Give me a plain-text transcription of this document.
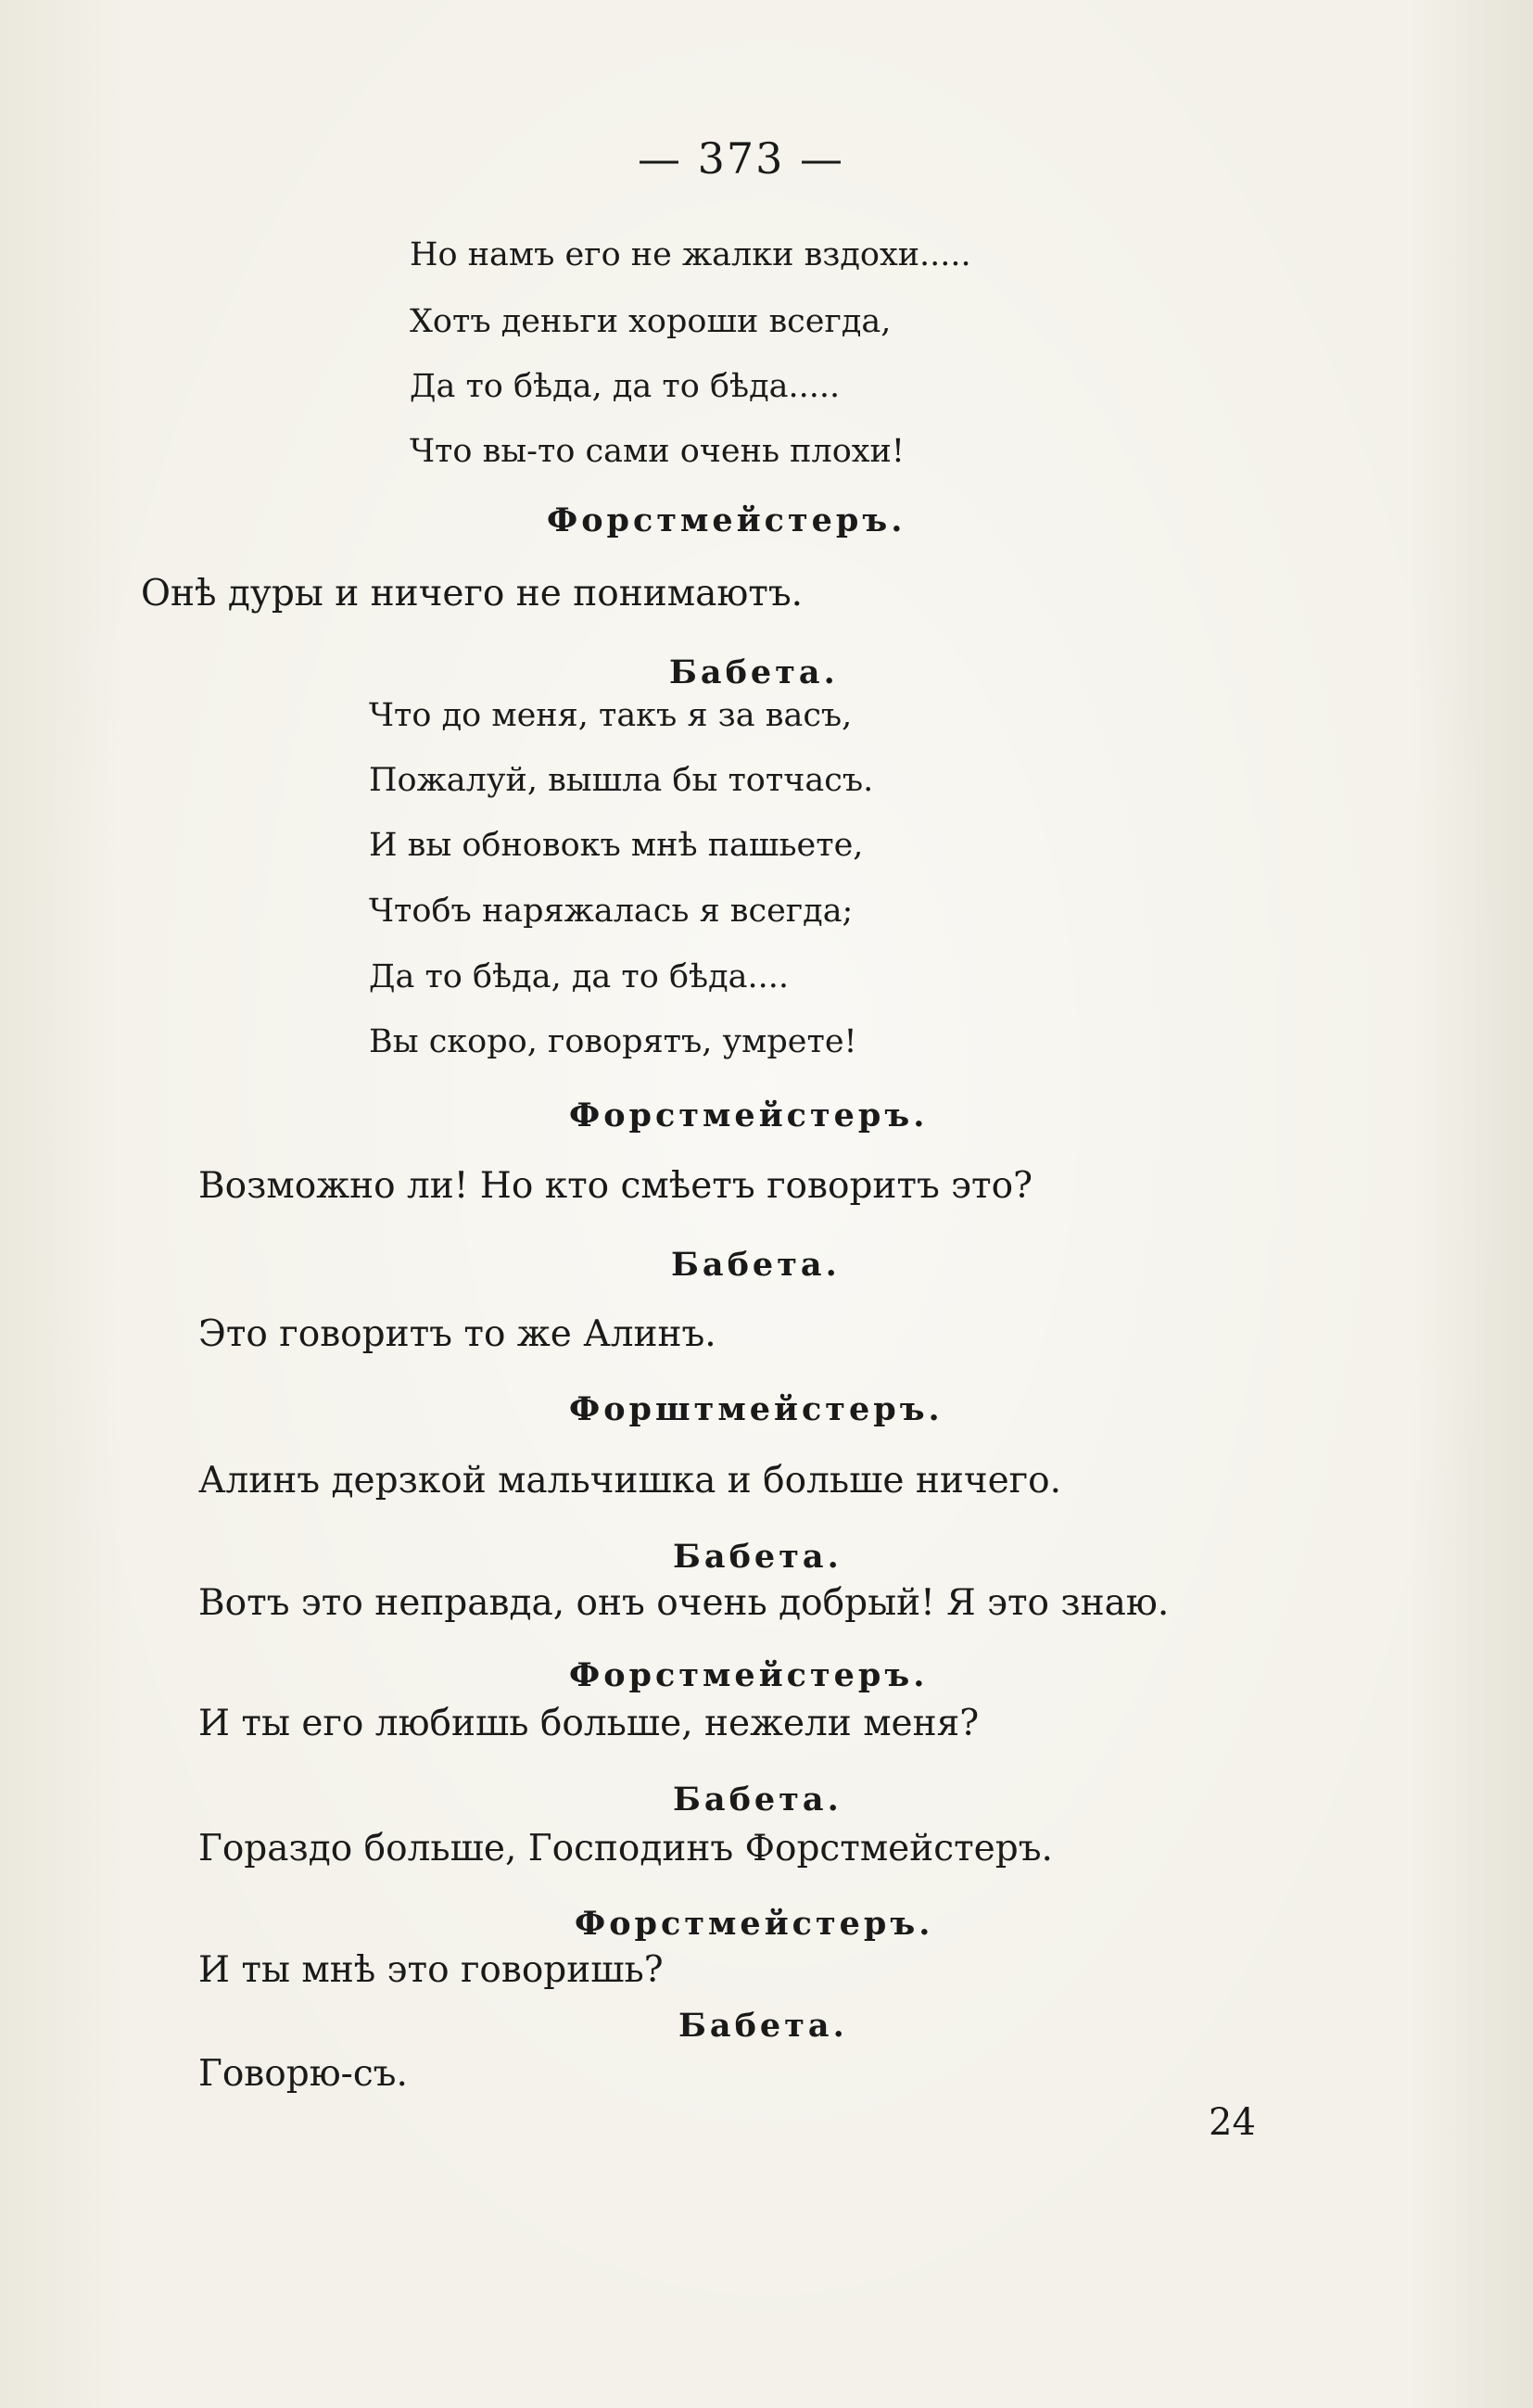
— 373 —
Но намъ его не жалки вздохи.....
Хотъ деньги хороши всегда,
Да то бѣда, да то бѣда.....
Что вы-то сами очень плохи!
Форстмейстеръ.
Онѣ дуры и ничего не понимаютъ.
Бабета.
Что до меня, такъ я за васъ,
Пожалуй, вышла бы тотчасъ.
И вы обновокъ мнѣ пашьете,
Чтобъ наряжалась я всегда;
Да то бѣда, да то бѣда....
Вы скоро, говорятъ, умрете!
Форстмейстеръ.
Возможно ли! Но кто смѣетъ говоритъ это?
Бабета.
Это говоритъ то же Алинъ.
Форштмейстеръ.
Алинъ дерзкой мальчишка и больше ничего.
Бабета.
Вотъ это неправда, онъ очень добрый! Я это знаю.
Форстмейстеръ.
И ты его любишь больше, нежели меня?
Бабета.
Гораздо больше, Господинъ Форстмейстеръ.
Форстмейстеръ.
И ты мнѣ это говоришь?
Бабета.
Говорю-съ.
24
